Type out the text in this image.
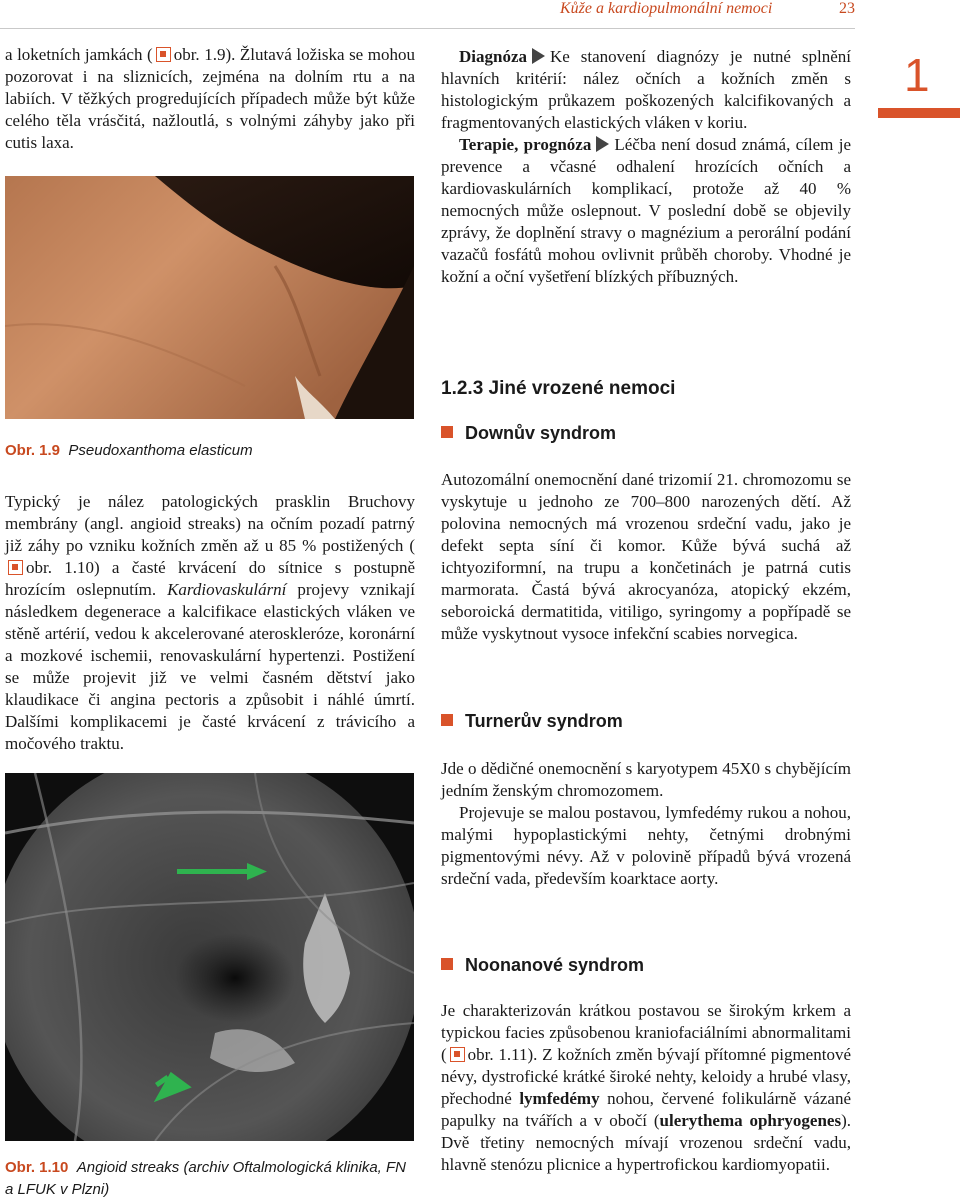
Kůže a kardiopulmonální nemoci	23
1

a loketních jamkách ( obr. 1.9). Žlutavá ložiska se mohou pozorovat i na sliznicích, zejména na dolním rtu a na labiích. V těžkých progredujících případech může být kůže celého těla vrásčitá, nažloutlá, s volnými záhyby jako při cutis laxa.

Obr. 1.9 Pseudoxanthoma elasticum

Typický je nález patologických prasklin Bruchovy membrány (angl. angioid streaks) na očním pozadí patrný již záhy po vzniku kožních změn až u 85 % postižených (obr. 1.10) a časté krvácení do sítnice s postupně hrozícím oslepnutím. Kardiovaskulární projevy vznikají následkem degenerace a kalcifikace elastických vláken ve stěně artérií, vedou k akcelerované ateroskleróze, koronární a mozkové ischemii, renovaskulární hypertenzi. Postižení se může projevit již ve velmi časném dětství jako klaudikace či angina pectoris a způsobit i náhlé úmrtí. Dalšími komplikacemi je časté krvácení z trávicího a močového traktu.

Obr. 1.10 Angioid streaks (archiv Oftalmologická klinika, FN a LFUK v Plzni)

Diagnóza Ke stanovení diagnózy je nutné splnění hlavních kritérií: nález očních a kožních změn s histologickým průkazem poškozených kalcifikovaných a fragmentovaných elastických vláken v koriu.

Terapie, prognóza Léčba není dosud známá, cílem je prevence a včasné odhalení hrozících očních a kardiovaskulárních komplikací, protože až 40 % nemocných může oslepnout. V poslední době se objevily zprávy, že doplnění stravy o magnézium a perorální podání vazačů fosfátů mohou ovlivnit průběh choroby. Vhodné je kožní a oční vyšetření blízkých příbuzných.

1.2.3 Jiné vrozené nemoci
Downův syndrom

Autozomální onemocnění dané trizomií 21. chromozomu se vyskytuje u jednoho ze 700–800 narozených dětí. Až polovina nemocných má vrozenou srdeční vadu, jako je defekt septa síní či komor. Kůže bývá suchá až ichtyoziformní, na trupu a končetinách je patrná cutis marmorata. Častá bývá akrocyanóza, atopický ekzém, seboroická dermatitida, vitiligo, syringomy a popřípadě se může vyskytnout vysoce infekční scabies norvegica.

Turnerův syndrom

Jde o dědičné onemocnění s karyotypem 45X0 s chybějícím jedním ženským chromozomem.

Projevuje se malou postavou, lymfedémy rukou a nohou, malými hypoplastickými nehty, četnými drobnými pigmentovými névy. Až v polovině případů bývá vrozená srdeční vada, především koarktace aorty.

Noonanové syndrom

Je charakterizován krátkou postavou se širokým krkem a typickou facies způsobenou kraniofaciálními abnormalitami ( obr. 1.11). Z kožních změn bývají přítomné pigmentové névy, dystrofické krátké široké nehty, keloidy a hrubé vlasy, přechodné lymfedémy nohou, červené folikulárně vázané papulky na tvářích a v obočí (ulerythema ophryogenes). Dvě třetiny nemocných mívají vrozenou srdeční vadu, hlavně stenózu plicnice a hypertrofickou kardiomyopatii.
